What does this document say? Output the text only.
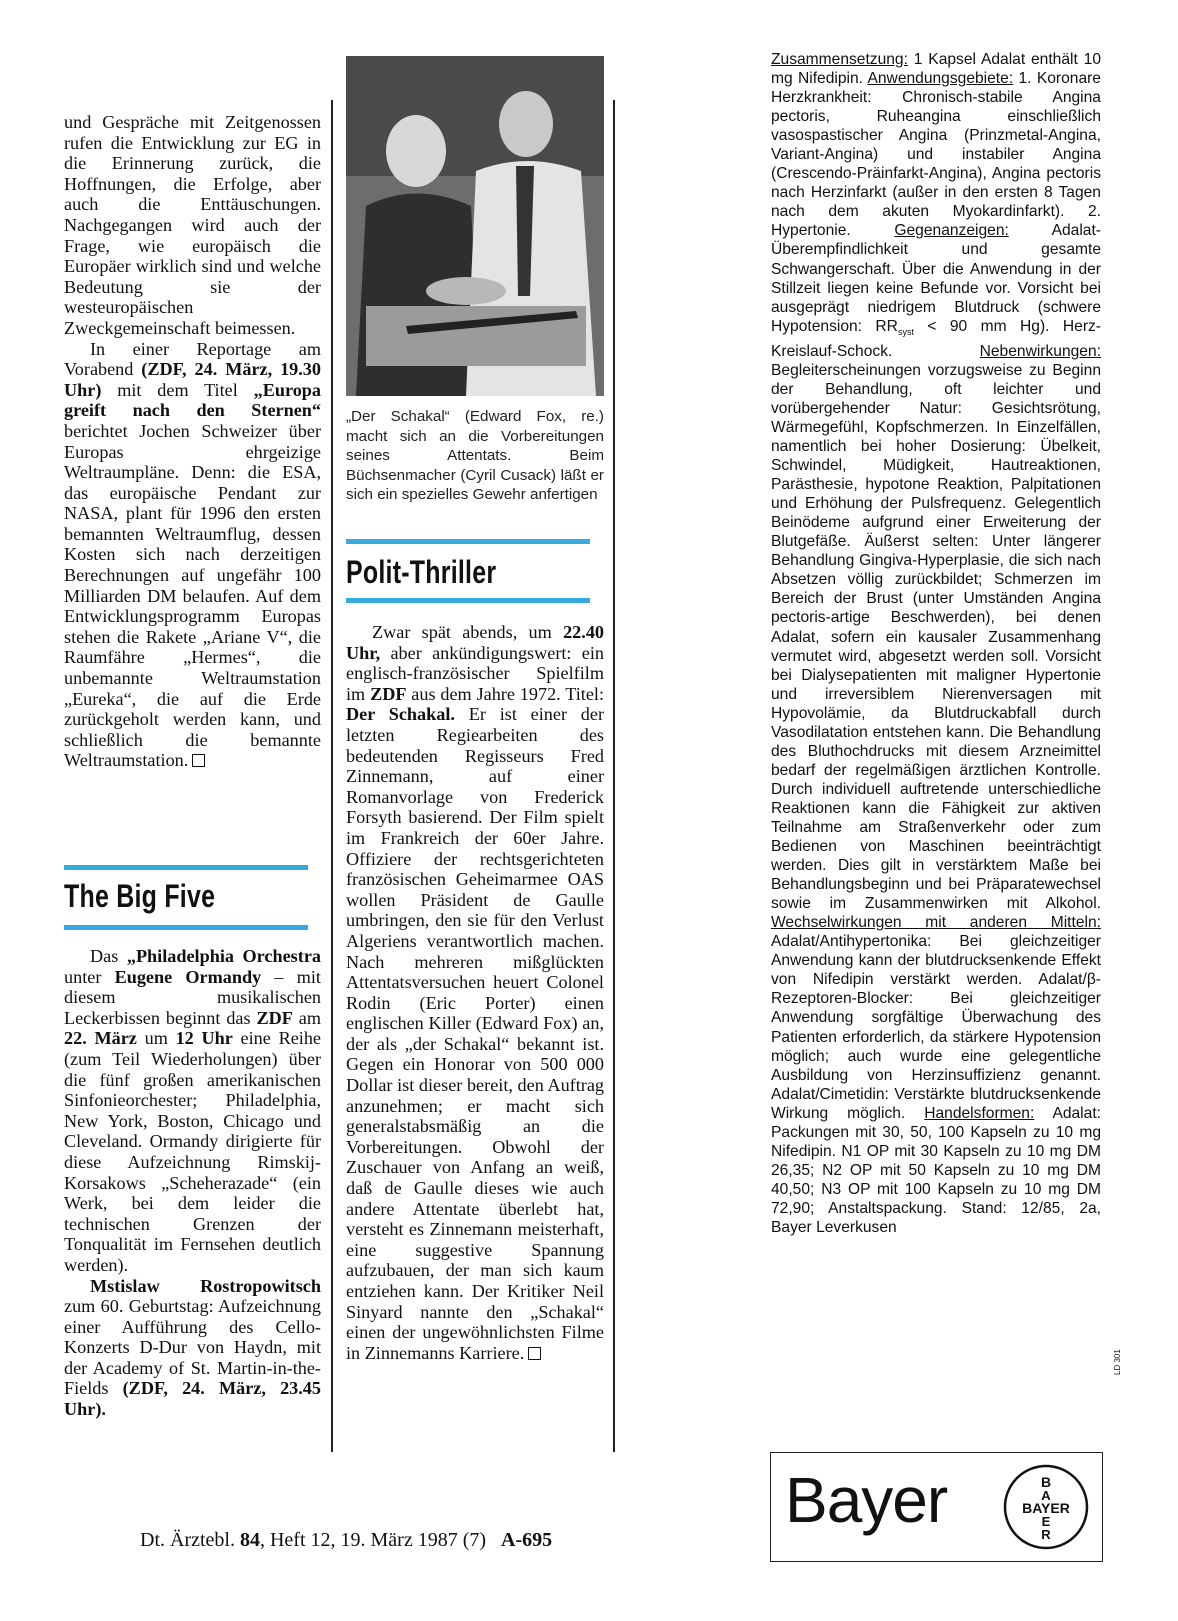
und Gespräche mit Zeitgenossen rufen die Entwicklung zur EG in die Erinnerung zurück, die Hoffnungen, die Erfolge, aber auch die Enttäuschungen. Nachgegangen wird auch der Frage, wie europäisch die Europäer wirklich sind und welche Bedeutung sie der westeuropäischen Zweckgemeinschaft beimessen.

In einer Reportage am Vorabend (ZDF, 24. März, 19.30 Uhr) mit dem Titel „Europa greift nach den Sternen“ berichtet Jochen Schweizer über Europas ehrgeizige Weltraumpläne. Denn: die ESA, das europäische Pendant zur NASA, plant für 1996 den ersten bemannten Weltraumflug, dessen Kosten sich nach derzeitigen Berechnungen auf ungefähr 100 Milliarden DM belaufen. Auf dem Entwicklungsprogramm Europas stehen die Rakete „Ariane V“, die Raumfähre „Hermes“, die unbemannte Weltraumstation „Eureka“, die auf die Erde zurückgeholt werden kann, und schließlich die bemannte Weltraumstation.

The Big Five

Das „Philadelphia Orchestra unter Eugene Ormandy – mit diesem musikalischen Leckerbissen beginnt das ZDF am 22. März um 12 Uhr eine Reihe (zum Teil Wiederholungen) über die fünf großen amerikanischen Sinfonieorchester; Philadelphia, New York, Boston, Chicago und Cleveland. Ormandy dirigierte für diese Aufzeichnung Rimskij-Korsakows „Scheherazade“ (ein Werk, bei dem leider die technischen Grenzen der Tonqualität im Fernsehen deutlich werden).

Mstislaw Rostropowitsch zum 60. Geburtstag: Aufzeichnung einer Aufführung des Cello-Konzerts D-Dur von Haydn, mit der Academy of St. Martin-in-the-Fields (ZDF, 24. März, 23.45 Uhr).

„Der Schakal“ (Edward Fox, re.) macht sich an die Vorbereitungen seines Attentats. Beim Büchsenmacher (Cyril Cusack) läßt er sich ein spezielles Gewehr anfertigen
Polit-Thriller

Zwar spät abends, um 22.40 Uhr, aber ankündigungswert: ein englisch-französischer Spielfilm im ZDF aus dem Jahre 1972. Titel: Der Schakal. Er ist einer der letzten Regiearbeiten des bedeutenden Regisseurs Fred Zinnemann, auf einer Romanvorlage von Frederick Forsyth basierend. Der Film spielt im Frankreich der 60er Jahre. Offiziere der rechtsgerichteten französischen Geheimarmee OAS wollen Präsident de Gaulle umbringen, den sie für den Verlust Algeriens verantwortlich machen. Nach mehreren mißglückten Attentatsversuchen heuert Colonel Rodin (Eric Porter) einen englischen Killer (Edward Fox) an, der als „der Schakal“ bekannt ist. Gegen ein Honorar von 500 000 Dollar ist dieser bereit, den Auftrag anzunehmen; er macht sich generalstabsmäßig an die Vorbereitungen. Obwohl der Zuschauer von Anfang an weiß, daß de Gaulle dieses wie auch andere Attentate überlebt hat, versteht es Zinnemann meisterhaft, eine suggestive Spannung aufzubauen, der man sich kaum entziehen kann. Der Kritiker Neil Sinyard nannte den „Schakal“ einen der ungewöhnlichsten Filme in Zinnemanns Karriere.

Zusammensetzung: 1 Kapsel Adalat enthält 10 mg Nifedipin. Anwendungsgebiete: 1. Koronare Herzkrankheit: Chronisch-stabile Angina pectoris, Ruheangina einschließlich vasospastischer Angina (Prinzmetal-Angina, Variant-Angina) und instabiler Angina (Crescendo-Präinfarkt-Angina), Angina pectoris nach Herzinfarkt (außer in den ersten 8 Tagen nach dem akuten Myokardinfarkt). 2. Hypertonie. Gegenanzeigen: Adalat-Überempfindlichkeit und gesamte Schwangerschaft. Über die Anwendung in der Stillzeit liegen keine Befunde vor. Vorsicht bei ausgeprägt niedrigem Blutdruck (schwere Hypotension: $RR_{syst} < 90$ mm Hg). Herz-Kreislauf-Schock. Nebenwirkungen: Begleiterscheinungen vorzugsweise zu Beginn der Behandlung, oft leichter und vorübergehender Natur: Gesichtsrötung, Wärmegefühl, Kopfschmerzen. In Einzelfällen, namentlich bei hoher Dosierung: Übelkeit, Schwindel, Müdigkeit, Hautreaktionen, Parästhesie, hypotone Reaktion, Palpitationen und Erhöhung der Pulsfrequenz. Gelegentlich Beinödeme aufgrund einer Erweiterung der Blutgefäße. Äußerst selten: Unter längerer Behandlung Gingiva-Hyperplasie, die sich nach Absetzen völlig zurückbildet; Schmerzen im Bereich der Brust (unter Umständen Angina pectoris-artige Beschwerden), bei denen Adalat, sofern ein kausaler Zusammenhang vermutet wird, abgesetzt werden soll. Vorsicht bei Dialysepatienten mit maligner Hypertonie und irreversiblem Nierenversagen mit Hypovolämie, da Blutdruckabfall durch Vasodilatation entstehen kann. Die Behandlung des Bluthochdrucks mit diesem Arzneimittel bedarf der regelmäßigen ärztlichen Kontrolle. Durch individuell auftretende unterschiedliche Reaktionen kann die Fähigkeit zur aktiven Teilnahme am Straßenverkehr oder zum Bedienen von Maschinen beeinträchtigt werden. Dies gilt in verstärktem Maße bei Behandlungsbeginn und bei Präparatewechsel sowie im Zusammenwirken mit Alkohol. Wechselwirkungen mit anderen Mitteln: Adalat/Antihypertonika: Bei gleichzeitiger Anwendung kann der blutdrucksenkende Effekt von Nifedipin verstärkt werden. Adalat/β-Rezeptoren-Blocker: Bei gleichzeitiger Anwendung sorgfältige Überwachung des Patienten erforderlich, da stärkere Hypotension möglich; auch wurde eine gelegentliche Ausbildung von Herzinsuffizienz genannt. Adalat/Cimetidin: Verstärkte blutdrucksenkende Wirkung möglich. Handelsformen: Adalat: Packungen mit 30, 50, 100 Kapseln zu 10 mg Nifedipin. N1 OP mit 30 Kapseln zu 10 mg DM 26,35; N2 OP mit 50 Kapseln zu 10 mg DM 40,50; N3 OP mit 100 Kapseln zu 10 mg DM 72,90; Anstaltspackung. Stand: 12/85, 2a, Bayer Leverkusen

LD 301
Bayer	B
A
BAYER
E
R
Dt. Ärztebl. 84, Heft 12, 19. März 1987 (7) A-695
